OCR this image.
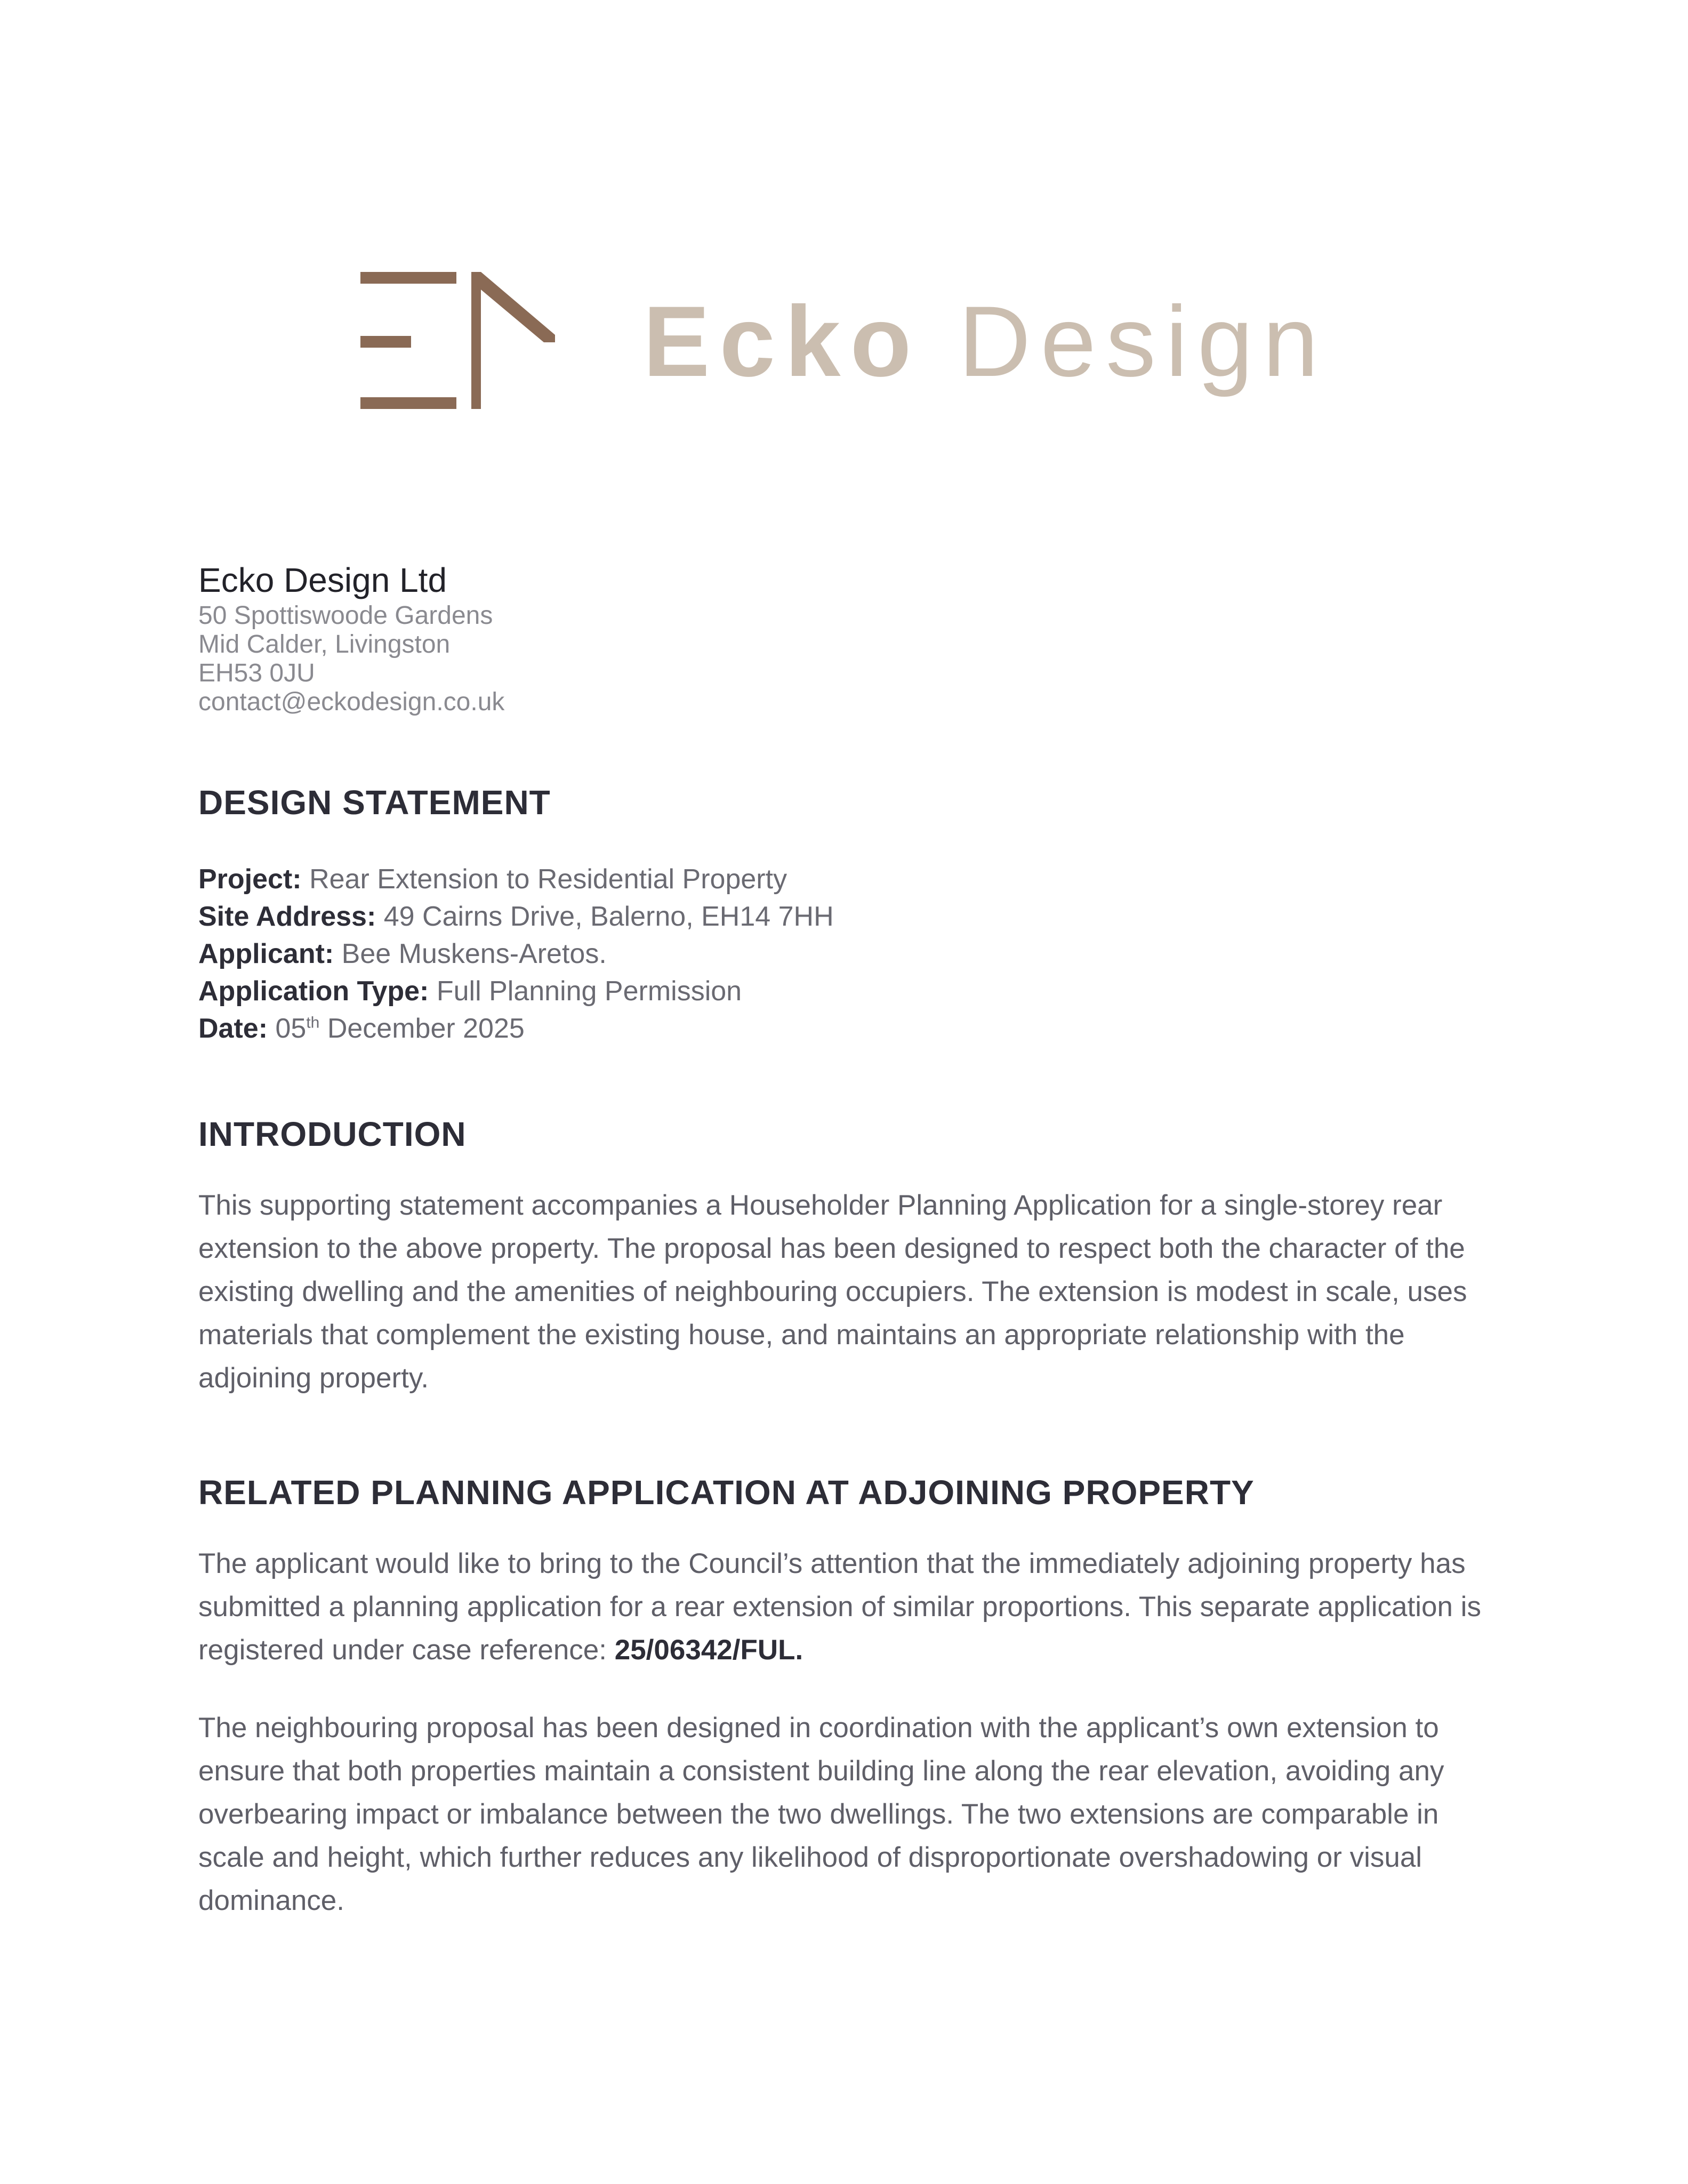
Ecko Design
Ecko Design Ltd
50 Spottiswoode Gardens
Mid Calder, Livingston
EH53 0JU
contact@eckodesign.co.uk
DESIGN STATEMENT
Project: Rear Extension to Residential Property
Site Address: 49 Cairns Drive, Balerno, EH14 7HH
Applicant: Bee Muskens-Aretos.
Application Type: Full Planning Permission
Date: 05th December 2025
INTRODUCTION

This supporting statement accompanies a Householder Planning Application for a single-storey rear extension to the above property. The proposal has been designed to respect both the character of the existing dwelling and the amenities of neighbouring occupiers. The extension is modest in scale, uses materials that complement the existing house, and maintains an appropriate relationship with the adjoining property.

RELATED PLANNING APPLICATION AT ADJOINING PROPERTY

The applicant would like to bring to the Council’s attention that the immediately adjoining property has submitted a planning application for a rear extension of similar proportions. This separate application is registered under case reference: 25/06342/FUL.

The neighbouring proposal has been designed in coordination with the applicant’s own extension to ensure that both properties maintain a consistent building line along the rear elevation, avoiding any overbearing impact or imbalance between the two dwellings. The two extensions are comparable in scale and height, which further reduces any likelihood of disproportionate overshadowing or visual dominance.
